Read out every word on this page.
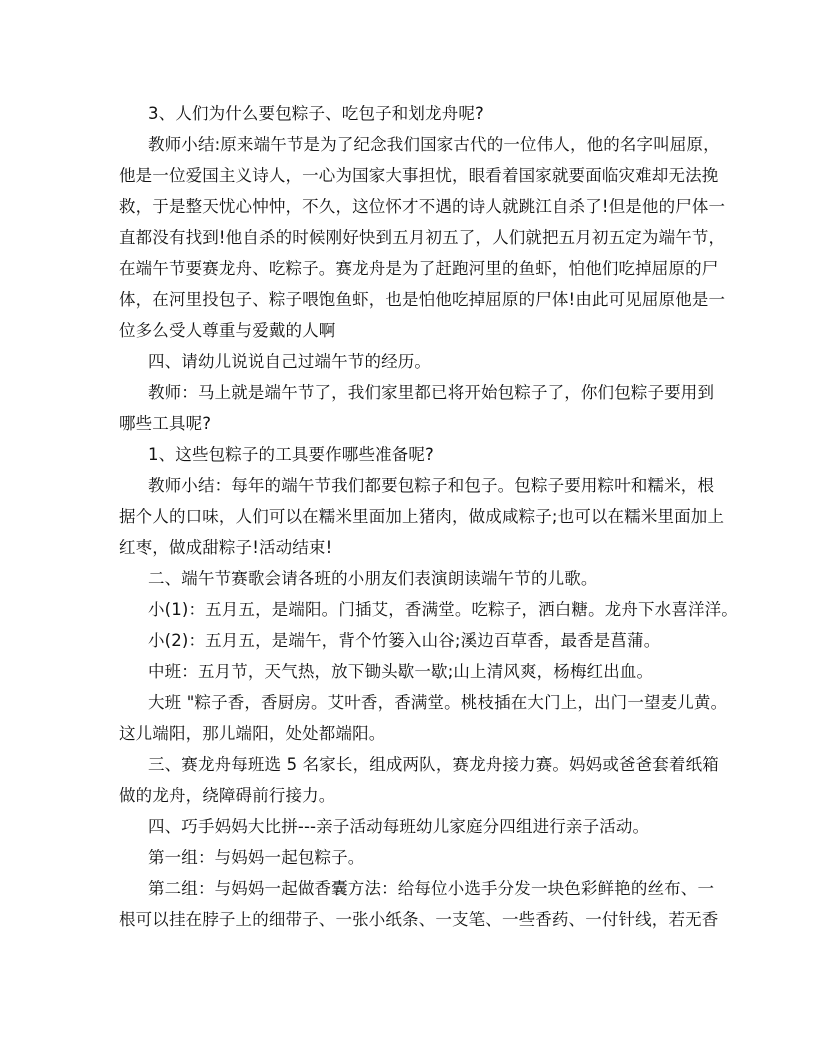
3、人们为什么要包粽子、吃包子和划龙舟呢?
教师小结:原来端午节是为了纪念我们国家古代的一位伟人，他的名字叫屈原，
他是一位爱国主义诗人，一心为国家大事担忧，眼看着国家就要面临灾难却无法挽
救，于是整天忧心忡忡，不久，这位怀才不遇的诗人就跳江自杀了!但是他的尸体一
直都没有找到!他自杀的时候刚好快到五月初五了，人们就把五月初五定为端午节，
在端午节要赛龙舟、吃粽子。赛龙舟是为了赶跑河里的鱼虾，怕他们吃掉屈原的尸
体，在河里投包子、粽子喂饱鱼虾，也是怕他吃掉屈原的尸体!由此可见屈原他是一
位多么受人尊重与爱戴的人啊
四、请幼儿说说自己过端午节的经历。
教师：马上就是端午节了，我们家里都已将开始包粽子了，你们包粽子要用到
哪些工具呢?
1、这些包粽子的工具要作哪些准备呢?
教师小结：每年的端午节我们都要包粽子和包子。包粽子要用粽叶和糯米，根
据个人的口味，人们可以在糯米里面加上猪肉，做成咸粽子;也可以在糯米里面加上
红枣，做成甜粽子!活动结束!
二、端午节赛歌会请各班的小朋友们表演朗读端午节的儿歌。
小(1)：五月五，是端阳。门插艾，香满堂。吃粽子，洒白糖。龙舟下水喜洋洋。
小(2)：五月五，是端午，背个竹篓入山谷;溪边百草香，最香是菖蒲。
中班：五月节，天气热，放下锄头歇一歇;山上清风爽，杨梅红出血。
大班 "粽子香，香厨房。艾叶香，香满堂。桃枝插在大门上，出门一望麦儿黄。
这儿端阳，那儿端阳，处处都端阳。
三、赛龙舟每班选 5 名家长，组成两队，赛龙舟接力赛。妈妈或爸爸套着纸箱
做的龙舟，绕障碍前行接力。
四、巧手妈妈大比拼---亲子活动每班幼儿家庭分四组进行亲子活动。
第一组：与妈妈一起包粽子。
第二组：与妈妈一起做香囊方法：给每位小选手分发一块色彩鲜艳的丝布、一
根可以挂在脖子上的细带子、一张小纸条、一支笔、一些香药、一付针线，若无香
